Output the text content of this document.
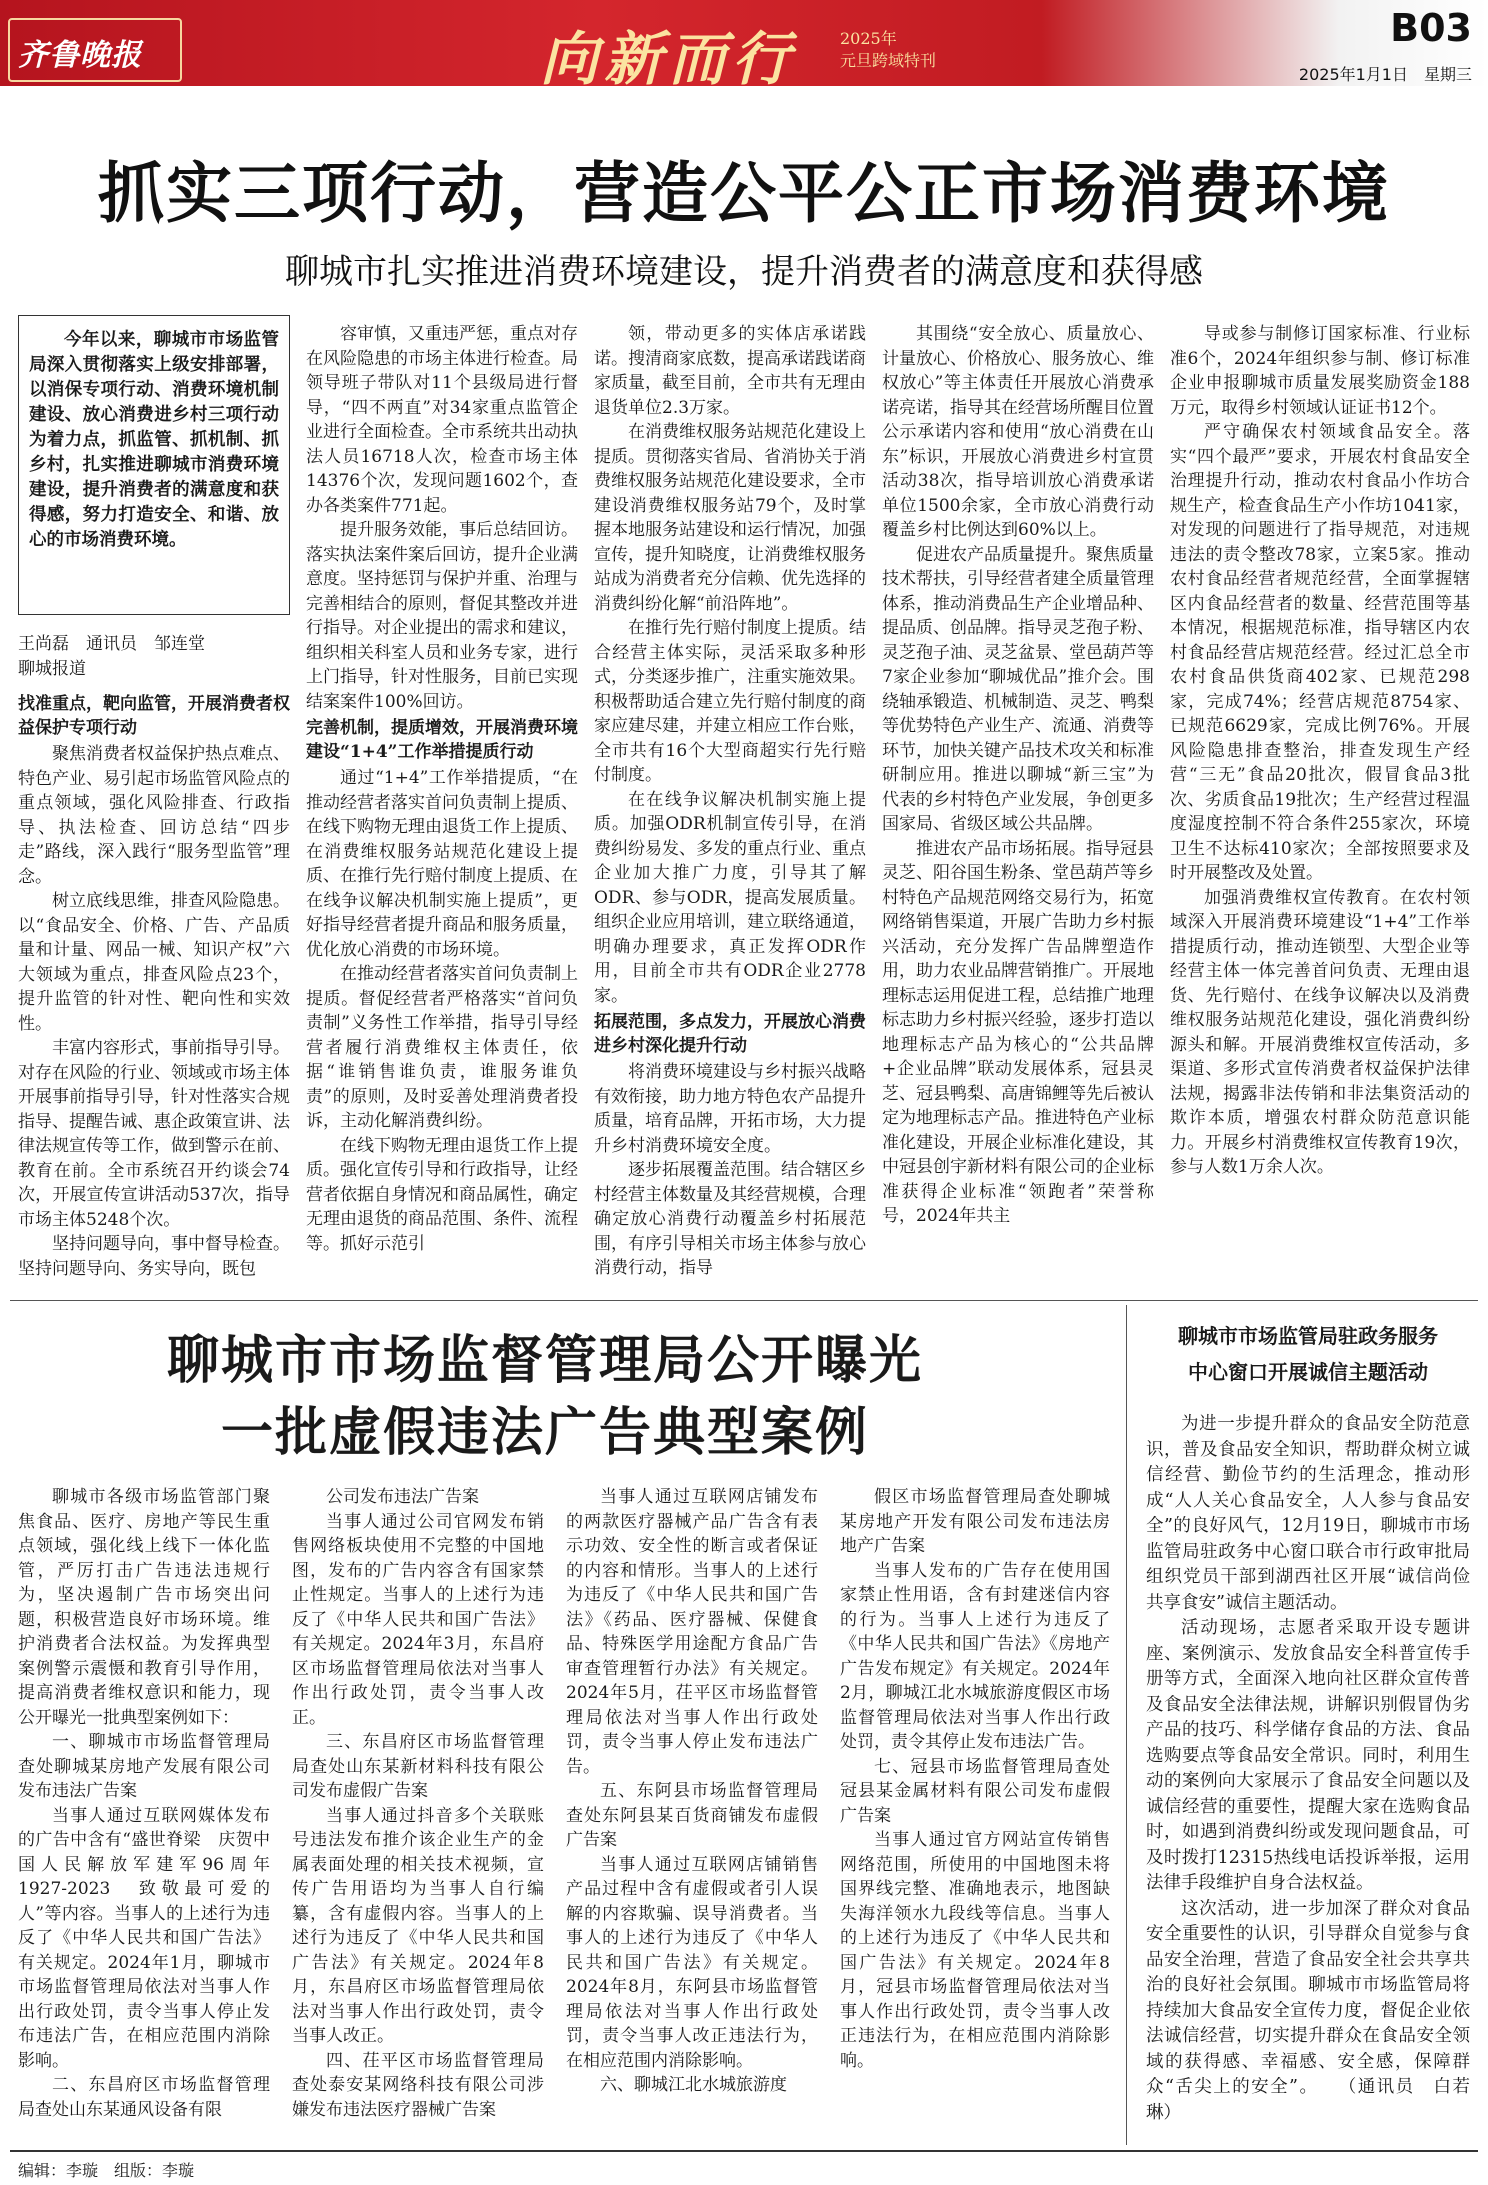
齐鲁晚报	向新而行	2025年
元旦跨域特刊
B03
2025年1月1日　星期三
抓实三项行动，营造公平公正市场消费环境
聊城市扎实推进消费环境建设，提升消费者的满意度和获得感

今年以来，聊城市市场监管局深入贯彻落实上级安排部署，以消保专项行动、消费环境机制建设、放心消费进乡村三项行动为着力点，抓监管、抓机制、抓乡村，扎实推进聊城市消费环境建设，提升消费者的满意度和获得感，努力打造安全、和谐、放心的市场消费环境。

王尚磊　通讯员　邹连堂
聊城报道
找准重点，靶向监管，开展消费者权益保护专项行动

聚焦消费者权益保护热点难点、特色产业、易引起市场监管风险点的重点领域，强化风险排查、行政指导、执法检查、回访总结“四步走”路线，深入践行“服务型监管”理念。

树立底线思维，排查风险隐患。以“食品安全、价格、广告、产品质量和计量、网品一械、知识产权”六大领域为重点，排查风险点23个，提升监管的针对性、靶向性和实效性。

丰富内容形式，事前指导引导。对存在风险的行业、领域或市场主体开展事前指导引导，针对性落实合规指导、提醒告诫、惠企政策宣讲、法律法规宣传等工作，做到警示在前、教育在前。全市系统召开约谈会74次，开展宣传宣讲活动537次，指导市场主体5248个次。

坚持问题导向，事中督导检查。坚持问题导向、务实导向，既包

容审慎，又重违严惩，重点对存在风险隐患的市场主体进行检查。局领导班子带队对11个县级局进行督导，“四不两直”对34家重点监管企业进行全面检查。全市系统共出动执法人员16718人次，检查市场主体14376个次，发现问题1602个，查办各类案件771起。

提升服务效能，事后总结回访。落实执法案件案后回访，提升企业满意度。坚持惩罚与保护并重、治理与完善相结合的原则，督促其整改并进行指导。对企业提出的需求和建议，组织相关科室人员和业务专家，进行上门指导，针对性服务，目前已实现结案案件100%回访。

完善机制，提质增效，开展消费环境建设“1+4”工作举措提质行动

通过“1+4”工作举措提质，“在推动经营者落实首问负责制上提质、在线下购物无理由退货工作上提质、在消费维权服务站规范化建设上提质、在推行先行赔付制度上提质、在在线争议解决机制实施上提质”，更好指导经营者提升商品和服务质量，优化放心消费的市场环境。

在推动经营者落实首问负责制上提质。督促经营者严格落实“首问负责制”义务性工作举措，指导引导经营者履行消费维权主体责任，依据“谁销售谁负责，谁服务谁负责”的原则，及时妥善处理消费者投诉，主动化解消费纠纷。

在线下购物无理由退货工作上提质。强化宣传引导和行政指导，让经营者依据自身情况和商品属性，确定无理由退货的商品范围、条件、流程等。抓好示范引

领，带动更多的实体店承诺践诺。搜清商家底数，提高承诺践诺商家质量，截至目前，全市共有无理由退货单位2.3万家。

在消费维权服务站规范化建设上提质。贯彻落实省局、省消协关于消费维权服务站规范化建设要求，全市建设消费维权服务站79个，及时掌握本地服务站建设和运行情况，加强宣传，提升知晓度，让消费维权服务站成为消费者充分信赖、优先选择的消费纠纷化解“前沿阵地”。

在推行先行赔付制度上提质。结合经营主体实际，灵活采取多种形式，分类逐步推广，注重实施效果。积极帮助适合建立先行赔付制度的商家应建尽建，并建立相应工作台账，全市共有16个大型商超实行先行赔付制度。

在在线争议解决机制实施上提质。加强ODR机制宣传引导，在消费纠纷易发、多发的重点行业、重点企业加大推广力度，引导其了解ODR、参与ODR，提高发展质量。组织企业应用培训，建立联络通道，明确办理要求，真正发挥ODR作用，目前全市共有ODR企业2778家。

拓展范围，多点发力，开展放心消费进乡村深化提升行动

将消费环境建设与乡村振兴战略有效衔接，助力地方特色农产品提升质量，培育品牌，开拓市场，大力提升乡村消费环境安全度。

逐步拓展覆盖范围。结合辖区乡村经营主体数量及其经营规模，合理确定放心消费行动覆盖乡村拓展范围，有序引导相关市场主体参与放心消费行动，指导

其围绕“安全放心、质量放心、计量放心、价格放心、服务放心、维权放心”等主体责任开展放心消费承诺亮诺，指导其在经营场所醒目位置公示承诺内容和使用“放心消费在山东”标识，开展放心消费进乡村宣贯活动38次，指导培训放心消费承诺单位1500余家，全市放心消费行动覆盖乡村比例达到60%以上。

促进农产品质量提升。聚焦质量技术帮扶，引导经营者建全质量管理体系，推动消费品生产企业增品种、提品质、创品牌。指导灵芝孢子粉、灵芝孢子油、灵芝盆景、堂邑葫芦等7家企业参加“聊城优品”推介会。围绕轴承锻造、机械制造、灵芝、鸭梨等优势特色产业生产、流通、消费等环节，加快关键产品技术攻关和标准研制应用。推进以聊城“新三宝”为代表的乡村特色产业发展，争创更多国家局、省级区域公共品牌。

推进农产品市场拓展。指导冠县灵芝、阳谷国生粉条、堂邑葫芦等乡村特色产品规范网络交易行为，拓宽网络销售渠道，开展广告助力乡村振兴活动，充分发挥广告品牌塑造作用，助力农业品牌营销推广。开展地理标志运用促进工程，总结推广地理标志助力乡村振兴经验，逐步打造以地理标志产品为核心的“公共品牌+企业品牌”联动发展体系，冠县灵芝、冠县鸭梨、高唐锦鲤等先后被认定为地理标志产品。推进特色产业标准化建设，开展企业标准化建设，其中冠县创宇新材料有限公司的企业标准获得企业标准“领跑者”荣誉称号，2024年共主

导或参与制修订国家标准、行业标准6个，2024年组织参与制、修订标准企业申报聊城市质量发展奖励资金188万元，取得乡村领域认证证书12个。

严守确保农村领域食品安全。落实“四个最严”要求，开展农村食品安全治理提升行动，推动农村食品小作坊合规生产，检查食品生产小作坊1041家，对发现的问题进行了指导规范，对违规违法的责令整改78家，立案5家。推动农村食品经营者规范经营，全面掌握辖区内食品经营者的数量、经营范围等基本情况，根据规范标准，指导辖区内农村食品经营店规范经营。经过汇总全市农村食品供货商402家、已规范298家，完成74%；经营店规范8754家、已规范6629家，完成比例76%。开展风险隐患排查整治，排查发现生产经营“三无”食品20批次，假冒食品3批次、劣质食品19批次；生产经营过程温度湿度控制不符合条件255家次，环境卫生不达标410家次；全部按照要求及时开展整改及处置。

加强消费维权宣传教育。在农村领域深入开展消费环境建设“1+4”工作举措提质行动，推动连锁型、大型企业等经营主体一体完善首问负责、无理由退货、先行赔付、在线争议解决以及消费维权服务站规范化建设，强化消费纠纷源头和解。开展消费维权宣传活动，多渠道、多形式宣传消费者权益保护法律法规，揭露非法传销和非法集资活动的欺诈本质，增强农村群众防范意识能力。开展乡村消费维权宣传教育19次，参与人数1万余人次。

聊城市市场监督管理局公开曝光
一批虚假违法广告典型案例

聊城市各级市场监管部门聚焦食品、医疗、房地产等民生重点领域，强化线上线下一体化监管，严厉打击广告违法违规行为，坚决遏制广告市场突出问题，积极营造良好市场环境。维护消费者合法权益。为发挥典型案例警示震慑和教育引导作用，提高消费者维权意识和能力，现公开曝光一批典型案例如下：

一、聊城市市场监督管理局查处聊城某房地产发展有限公司发布违法广告案

当事人通过互联网媒体发布的广告中含有“盛世脊梁　庆贺中国人民解放军建军96周年　1927-2023　致敬最可爱的人”等内容。当事人的上述行为违反了《中华人民共和国广告法》有关规定。2024年1月，聊城市市场监督管理局依法对当事人作出行政处罚，责令当事人停止发布违法广告，在相应范围内消除影响。

二、东昌府区市场监督管理局查处山东某通风设备有限

公司发布违法广告案

当事人通过公司官网发布销售网络板块使用不完整的中国地图，发布的广告内容含有国家禁止性规定。当事人的上述行为违反了《中华人民共和国广告法》有关规定。2024年3月，东昌府区市场监督管理局依法对当事人作出行政处罚，责令当事人改正。

三、东昌府区市场监督管理局查处山东某新材料科技有限公司发布虚假广告案

当事人通过抖音多个关联账号违法发布推介该企业生产的金属表面处理的相关技术视频，宣传广告用语均为当事人自行编纂，含有虚假内容。当事人的上述行为违反了《中华人民共和国广告法》有关规定。2024年8月，东昌府区市场监督管理局依法对当事人作出行政处罚，责令当事人改正。

四、茌平区市场监督管理局查处泰安某网络科技有限公司涉嫌发布违法医疗器械广告案

当事人通过互联网店铺发布的两款医疗器械产品广告含有表示功效、安全性的断言或者保证的内容和情形。当事人的上述行为违反了《中华人民共和国广告法》《药品、医疗器械、保健食品、特殊医学用途配方食品广告审查管理暂行办法》有关规定。2024年5月，茌平区市场监督管理局依法对当事人作出行政处罚，责令当事人停止发布违法广告。

五、东阿县市场监督管理局查处东阿县某百货商铺发布虚假广告案

当事人通过互联网店铺销售产品过程中含有虚假或者引人误解的内容欺骗、误导消费者。当事人的上述行为违反了《中华人民共和国广告法》有关规定。2024年8月，东阿县市场监督管理局依法对当事人作出行政处罚，责令当事人改正违法行为，在相应范围内消除影响。

六、聊城江北水城旅游度

假区市场监督管理局查处聊城某房地产开发有限公司发布违法房地产广告案

当事人发布的广告存在使用国家禁止性用语，含有封建迷信内容的行为。当事人上述行为违反了《中华人民共和国广告法》《房地产广告发布规定》有关规定。2024年2月，聊城江北水城旅游度假区市场监督管理局依法对当事人作出行政处罚，责令其停止发布违法广告。

七、冠县市场监督管理局查处冠县某金属材料有限公司发布虚假广告案

当事人通过官方网站宣传销售网络范围，所使用的中国地图未将国界线完整、准确地表示，地图缺失海洋领水九段线等信息。当事人的上述行为违反了《中华人民共和国广告法》有关规定。2024年8月，冠县市场监督管理局依法对当事人作出行政处罚，责令当事人改正违法行为，在相应范围内消除影响。

聊城市市场监管局驻政务服务
中心窗口开展诚信主题活动

为进一步提升群众的食品安全防范意识，普及食品安全知识，帮助群众树立诚信经营、勤俭节约的生活理念，推动形成“人人关心食品安全，人人参与食品安全”的良好风气，12月19日，聊城市市场监管局驻政务中心窗口联合市行政审批局组织党员干部到湖西社区开展“诚信尚俭　共享食安”诚信主题活动。

活动现场，志愿者采取开设专题讲座、案例演示、发放食品安全科普宣传手册等方式，全面深入地向社区群众宣传普及食品安全法律法规，讲解识别假冒伪劣产品的技巧、科学储存食品的方法、食品选购要点等食品安全常识。同时，利用生动的案例向大家展示了食品安全问题以及诚信经营的重要性，提醒大家在选购食品时，如遇到消费纠纷或发现问题食品，可及时拨打12315热线电话投诉举报，运用法律手段维护自身合法权益。

这次活动，进一步加深了群众对食品安全重要性的认识，引导群众自觉参与食品安全治理，营造了食品安全社会共享共治的良好社会氛围。聊城市市场监管局将持续加大食品安全宣传力度，督促企业依法诚信经营，切实提升群众在食品安全领域的获得感、幸福感、安全感，保障群众“舌尖上的安全”。　　（通讯员　白若琳）

编辑：李璇　组版：李璇
